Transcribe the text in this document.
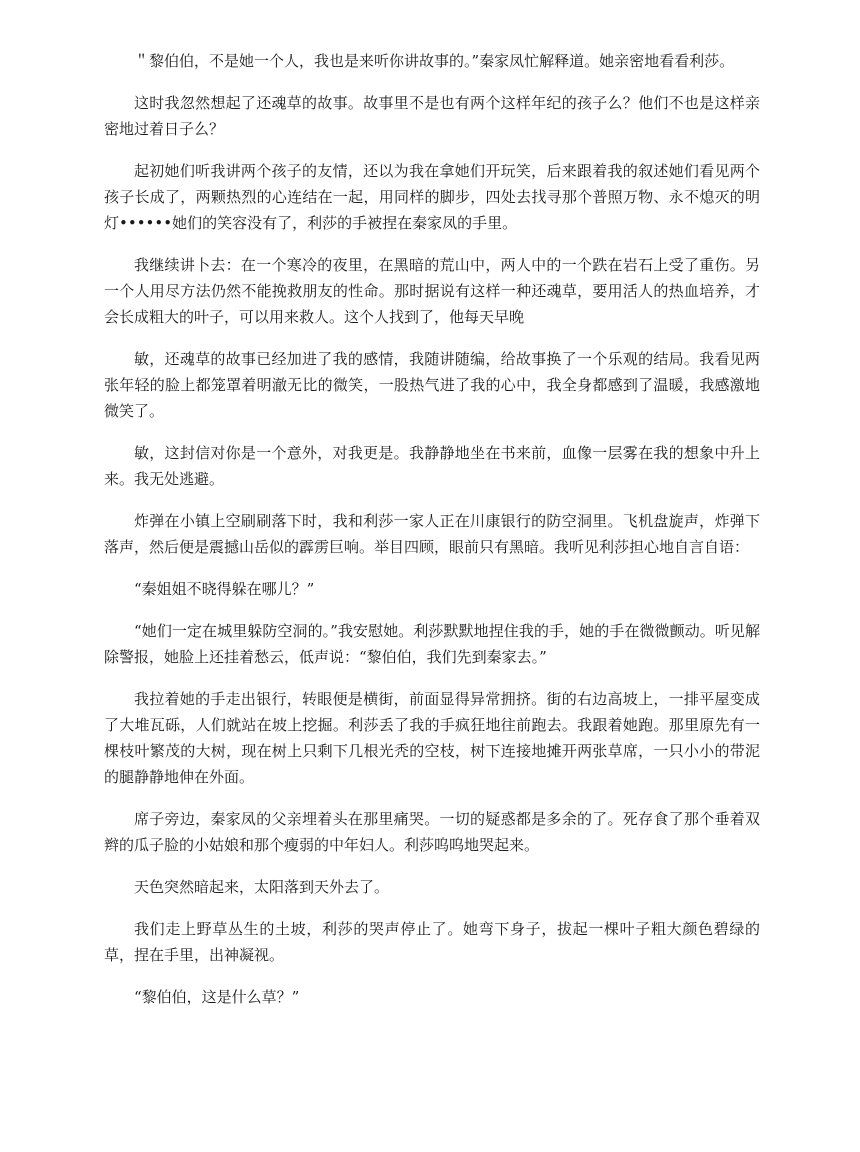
＂黎伯伯，不是她一个人，我也是来听你讲故事的。”秦家凤忙解释道。她亲密地看看利莎。

这时我忽然想起了还魂草的故事。故事里不是也有两个这样年纪的孩子么？他们不也是这样亲密地过着日子么？

起初她们听我讲两个孩子的友情，还以为我在拿她们开玩笑，后来跟着我的叙述她们看见两个孩子长成了，两颗热烈的心连结在一起，用同样的脚步，四处去找寻那个普照万物、永不熄灭的明灯••••••她们的笑容没有了，利莎的手被捏在秦家凤的手里。

我继续讲卜去：在一个寒冷的夜里，在黑暗的荒山中，两人中的一个跌在岩石上受了重伤。另一个人用尽方法仍然不能挽救朋友的性命。那时据说有这样一种还魂草，要用活人的热血培养，才会长成粗大的叶子，可以用来救人。这个人找到了，他每天早晚

敏，还魂草的故事已经加进了我的感情，我随讲随编，给故事换了一个乐观的结局。我看见两张年轻的脸上都笼罩着明澈无比的微笑，一股热气进了我的心中，我全身都感到了温暖，我感激地微笑了。

敏，这封信对你是一个意外，对我更是。我静静地坐在书来前，血像一层雾在我的想象中升上来。我无处逃避。

炸弹在小镇上空刷刷落下时，我和利莎一家人正在川康银行的防空洞里。飞机盘旋声，炸弹下落声，然后便是震撼山岳似的霹雳巨响。举目四顾，眼前只有黑暗。我听见利莎担心地自言自语：

“秦姐姐不晓得躲在哪儿？”

“她们一定在城里躲防空洞的。”我安慰她。利莎默默地捏住我的手，她的手在微微颤动。听见解除警报，她脸上还挂着愁云，低声说：“黎伯伯，我们先到秦家去。”

我拉着她的手走出银行，转眼便是横街，前面显得异常拥挤。街的右边高坡上，一排平屋变成了大堆瓦砾，人们就站在坡上挖掘。利莎丢了我的手疯狂地往前跑去。我跟着她跑。那里原先有一棵枝叶繁茂的大树，现在树上只剩下几根光秃的空枝，树下连接地摊开两张草席，一只小小的带泥的腿静静地伸在外面。

席子旁边，秦家凤的父亲埋着头在那里痛哭。一切的疑惑都是多余的了。死存食了那个垂着双辫的瓜子脸的小姑娘和那个瘦弱的中年妇人。利莎呜呜地哭起来。

天色突然暗起来，太阳落到天外去了。

我们走上野草丛生的土坡，利莎的哭声停止了。她弯下身子，拔起一棵叶子粗大颜色碧绿的草，捏在手里，出神凝视。

“黎伯伯，这是什么草？”
